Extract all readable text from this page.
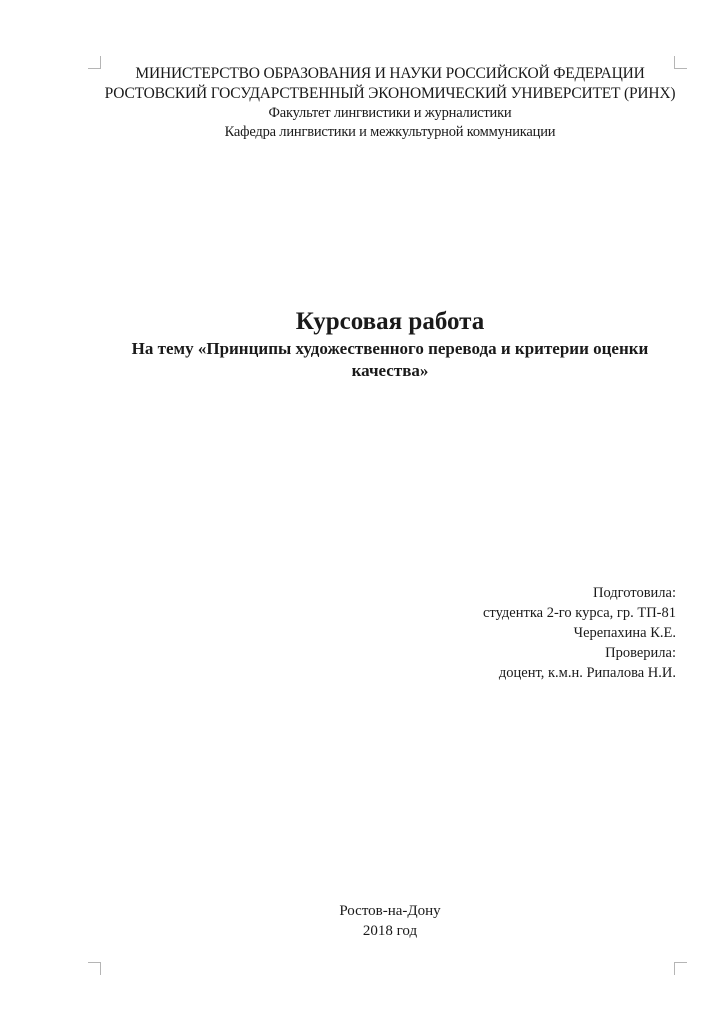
МИНИСТЕРСТВО ОБРАЗОВАНИЯ И НАУКИ РОССИЙСКОЙ ФЕДЕРАЦИИ РОСТОВСКИЙ ГОСУДАРСТВЕННЫЙ ЭКОНОМИЧЕСКИЙ УНИВЕРСИТЕТ (РИНХ)
Факультет лингвистики и журналистики
Кафедра лингвистики и межкультурной коммуникации
Курсовая работа
На тему «Принципы художественного перевода и критерии оценки качества»
Подготовила:
студентка 2-го курса, гр. ТП-81
Черепахина К.Е.
Проверила:
доцент, к.м.н. Рипалова Н.И.
Ростов-на-Дону
2018 год
